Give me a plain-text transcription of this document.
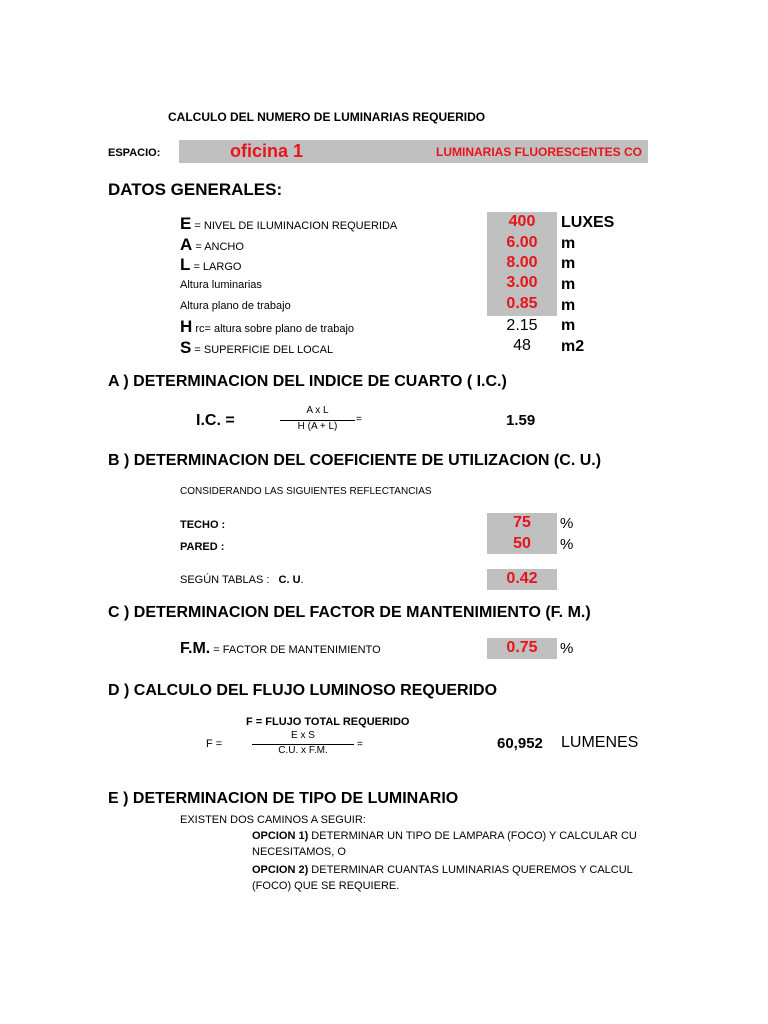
CALCULO DEL NUMERO DE LUMINARIAS REQUERIDO
ESPACIO:	oficina 1	LUMINARIAS FLUORESCENTES CO
DATOS GENERALES:
E = NIVEL DE ILUMINACION REQUERIDA	400	LUXES
A = ANCHO	6.00	m
L = LARGO	8.00	m
Altura luminarias	3.00	m
Altura plano de trabajo	0.85	m
H rc= altura sobre plano de trabajo	2.15	m
S = SUPERFICIE DEL LOCAL	48	m2
A ) DETERMINACION DEL INDICE DE CUARTO ( I.C.)
I.C. =
A x L
H (A + L)
=	1.59
B ) DETERMINACION DEL COEFICIENTE DE UTILIZACION (C. U.)
CONSIDERANDO LAS SIGUIENTES REFLECTANCIAS
TECHO :	75	%
PARED :	50	%
SEGÚN TABLAS : C. U.	0.42
C ) DETERMINACION DEL FACTOR DE MANTENIMIENTO (F. M.)
F.M. = FACTOR DE MANTENIMIENTO	0.75	%
D ) CALCULO DEL FLUJO LUMINOSO REQUERIDO
F = FLUJO TOTAL REQUERIDO
F =
E x S
C.U. x F.M.
=	60,952 LUMENES
E ) DETERMINACION DE TIPO DE LUMINARIO
EXISTEN DOS CAMINOS A SEGUIR:
OPCION 1) DETERMINAR UN TIPO DE LAMPARA (FOCO) Y CALCULAR CU
NECESITAMOS, O
OPCION 2) DETERMINAR CUANTAS LUMINARIAS QUEREMOS Y CALCUL
(FOCO) QUE SE REQUIERE.
